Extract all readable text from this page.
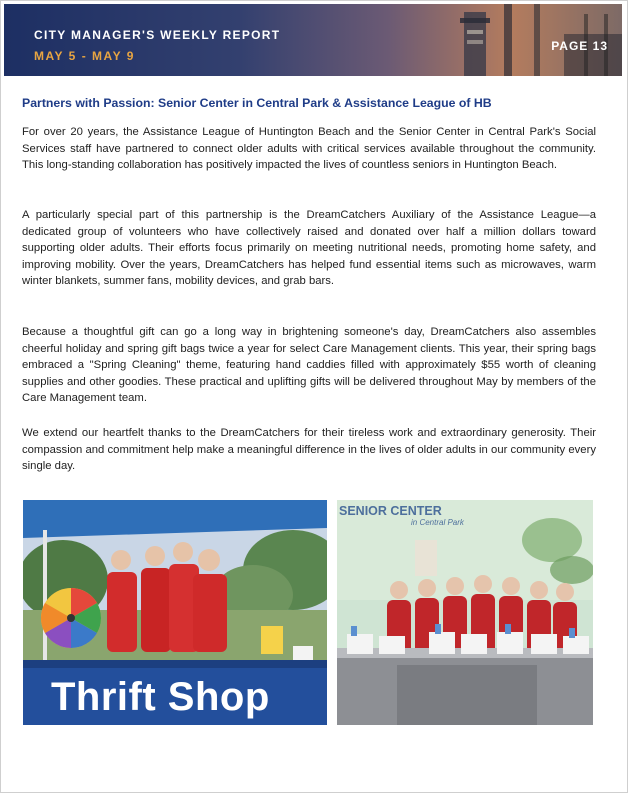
CITY MANAGER'S WEEKLY REPORT
MAY 5 - MAY 9
PAGE 13
Partners with Passion: Senior Center in Central Park & Assistance League of HB

For over 20 years, the Assistance League of Huntington Beach and the Senior Center in Central Park's Social Services staff have partnered to connect older adults with critical services available throughout the community. This long-standing collaboration has positively impacted the lives of countless seniors in Huntington Beach.

A particularly special part of this partnership is the DreamCatchers Auxiliary of the Assistance League—a dedicated group of volunteers who have collectively raised and donated over half a million dollars toward supporting older adults. Their efforts focus primarily on meeting nutritional needs, promoting home safety, and improving mobility. Over the years, DreamCatchers has helped fund essential items such as microwaves, warm winter blankets, summer fans, mobility devices, and grab bars.

Because a thoughtful gift can go a long way in brightening someone's day, DreamCatchers also assembles cheerful holiday and spring gift bags twice a year for select Care Management clients. This year, their spring bags embraced a "Spring Cleaning" theme, featuring hand caddies filled with approximately $55 worth of cleaning supplies and other goodies. These practical and uplifting gifts will be delivered throughout May by members of the Care Management team.

We extend our heartfelt thanks to the DreamCatchers for their tireless work and extraordinary generosity. Their compassion and commitment help make a meaningful difference in the lives of older adults in our community every single day.

Thrift Shop
SENIOR CENTER
in Central Park
